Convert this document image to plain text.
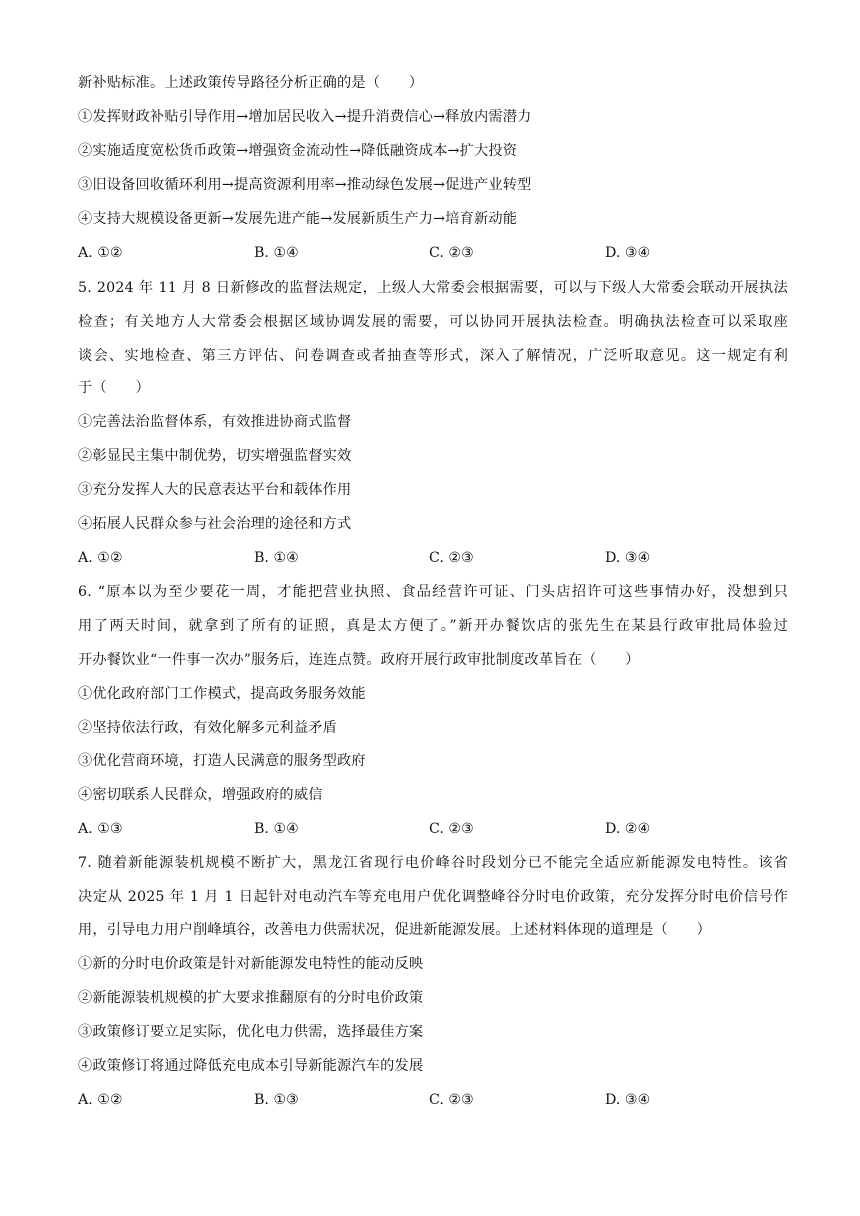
新补贴标准。上述政策传导路径分析正确的是（　　）
①发挥财政补贴引导作用→增加居民收入→提升消费信心→释放内需潜力
②实施适度宽松货币政策→增强资金流动性→降低融资成本→扩大投资
③旧设备回收循环利用→提高资源利用率→推动绿色发展→促进产业转型
④支持大规模设备更新→发展先进产能→发展新质生产力→培育新动能
A. ①②	B. ①④	C. ②③	D. ③④
5. 2024 年 11 月 8 日新修改的监督法规定，上级人大常委会根据需要，可以与下级人大常委会联动开展执法
检查；有关地方人大常委会根据区域协调发展的需要，可以协同开展执法检查。明确执法检查可以采取座
谈会、实地检查、第三方评估、问卷调查或者抽查等形式，深入了解情况，广泛听取意见。这一规定有利
于（　　）
①完善法治监督体系，有效推进协商式监督
②彰显民主集中制优势，切实增强监督实效
③充分发挥人大的民意表达平台和载体作用
④拓展人民群众参与社会治理的途径和方式
A. ①②	B. ①④	C. ②③	D. ③④
6. “原本以为至少要花一周，才能把营业执照、食品经营许可证、门头店招许可这些事情办好，没想到只
用了两天时间，就拿到了所有的证照，真是太方便了。”新开办餐饮店的张先生在某县行政审批局体验过
开办餐饮业“一件事一次办”服务后，连连点赞。政府开展行政审批制度改革旨在（　　）
①优化政府部门工作模式，提高政务服务效能
②坚持依法行政，有效化解多元利益矛盾
③优化营商环境，打造人民满意的服务型政府
④密切联系人民群众，增强政府的威信
A. ①③	B. ①④	C. ②③	D. ②④
7. 随着新能源装机规模不断扩大，黑龙江省现行电价峰谷时段划分已不能完全适应新能源发电特性。该省
决定从 2025 年 1 月 1 日起针对电动汽车等充电用户优化调整峰谷分时电价政策，充分发挥分时电价信号作
用，引导电力用户削峰填谷，改善电力供需状况，促进新能源发展。上述材料体现的道理是（　　）
①新的分时电价政策是针对新能源发电特性的能动反映
②新能源装机规模的扩大要求推翻原有的分时电价政策
③政策修订要立足实际，优化电力供需，选择最佳方案
④政策修订将通过降低充电成本引导新能源汽车的发展
A. ①②	B. ①③	C. ②③	D. ③④
